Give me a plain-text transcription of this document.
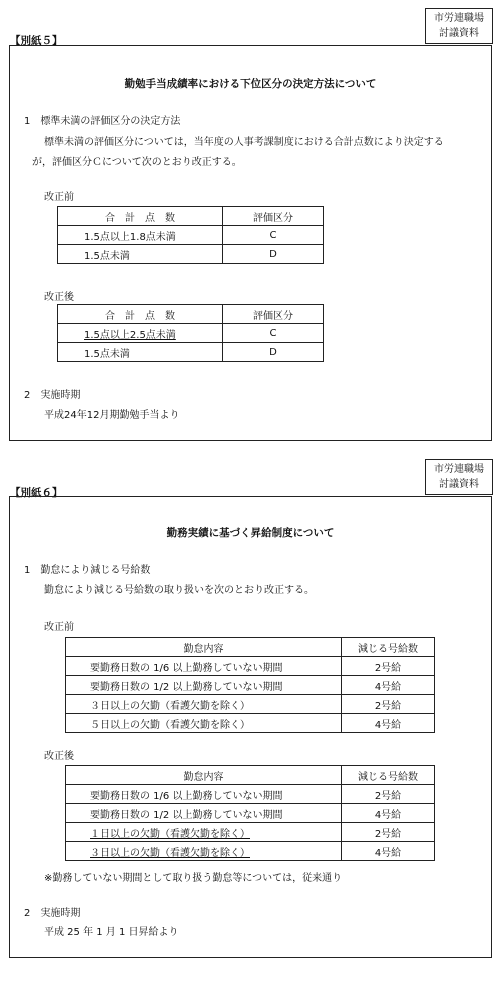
市労連職場
討議資料
【別紙５】
勤勉手当成績率における下位区分の決定方法について
1　標準未満の評価区分の決定方法
標準未満の評価区分については，当年度の人事考課制度における合計点数により決定する
が，評価区分Ｃについて次のとおり改正する。
改正前
合　計　点　数	評価区分
1.5点以上1.8点未満	C
1.5点未満	D
改正後
合　計　点　数	評価区分
1.5点以上2.5点未満	C
1.5点未満	D
2　実施時期
平成24年12月期勤勉手当より
市労連職場
討議資料
【別紙６】
勤務実績に基づく昇給制度について
1　勤怠により減じる号給数
勤怠により減じる号給数の取り扱いを次のとおり改正する。
改正前
勤怠内容	減じる号給数
要勤務日数の 1/6 以上勤務していない期間	2号給
要勤務日数の 1/2 以上勤務していない期間	4号給
３日以上の欠勤（看護欠勤を除く）	2号給
５日以上の欠勤（看護欠勤を除く）	4号給
改正後
勤怠内容	減じる号給数
要勤務日数の 1/6 以上勤務していない期間	2号給
要勤務日数の 1/2 以上勤務していない期間	4号給
１日以上の欠勤（看護欠勤を除く）	2号給
３日以上の欠勤（看護欠勤を除く）	4号給
※勤務していない期間として取り扱う勤怠等については，従来通り
2　実施時期
平成 25 年 1 月 1 日昇給より
